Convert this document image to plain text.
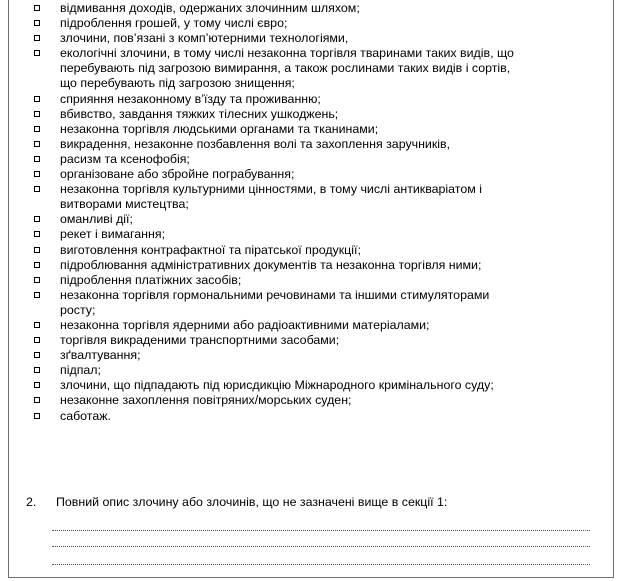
відмивання доходів, одержаних злочинним шляхом;
підроблення грошей, у тому числі євро;
злочини, пов’язані з комп’ютерними технологіями,
екологічні злочини, в тому числі незаконна торгівля тваринами таких видів, що
перебувають під загрозою вимирання, а також рослинами таких видів і сортів,
що перебувають під загрозою знищення;
сприяння незаконному в’їзду та проживанню;
вбивство, завдання тяжких тілесних ушкоджень;
незаконна торгівля людськими органами та тканинами;
викрадення, незаконне позбавлення волі та захоплення заручників,
расизм та ксенофобія;
організоване або збройне пограбування;
незаконна торгівля культурними цінностями, в тому числі антикваріатом і
витворами мистецтва;
оманливі дії;
рекет і вимагання;
виготовлення контрафактної та піратської продукції;
підроблювання адміністративних документів та незаконна торгівля ними;
підроблення платіжних засобів;
незаконна торгівля гормональними речовинами та іншими стимуляторами
росту;
незаконна торгівля ядерними або радіоактивними матеріалами;
торгівля викраденими транспортними засобами;
зґвалтування;
підпал;
злочини, що підпадають під юрисдикцію Міжнародного кримінального суду;
незаконне захоплення повітряних/морських суден;
саботаж.
2. Повний опис злочину або злочинів, що не зазначені вище в секції 1:
